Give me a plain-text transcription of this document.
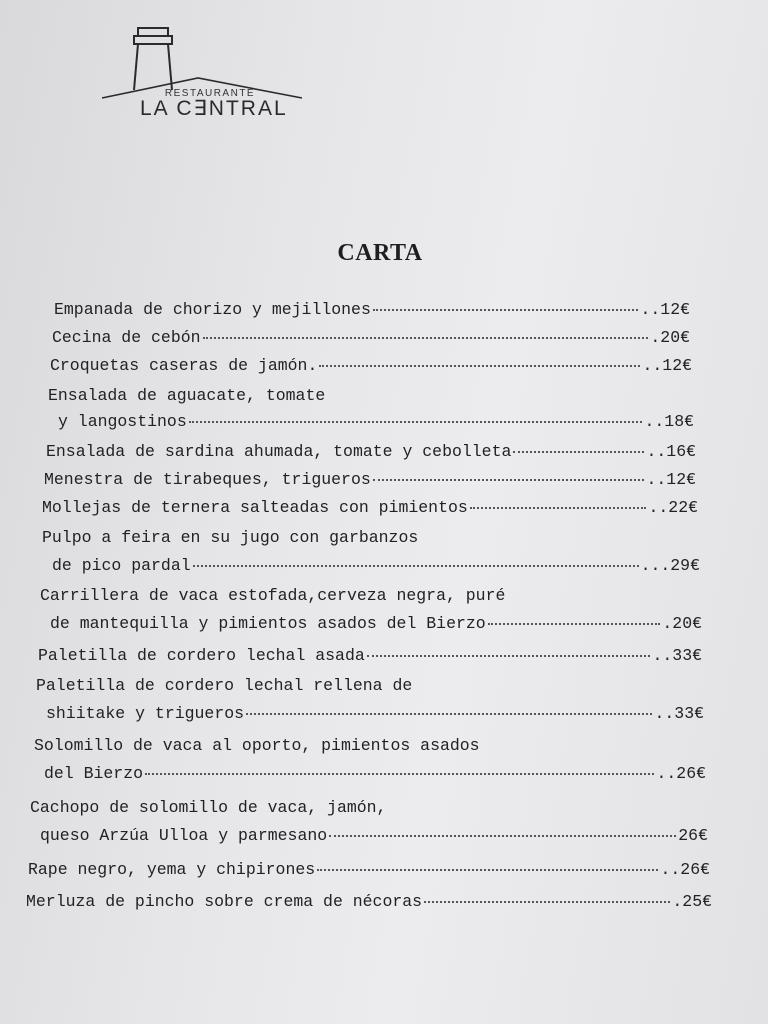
RESTAURANTE
LA C∃NTRAL
CARTA
Empanada de chorizo y mejillones	..12€
Cecina de cebón	.20€
Croquetas caseras de jamón.	..12€
Ensalada de aguacate, tomate
y langostinos	..18€
Ensalada de sardina ahumada, tomate y cebolleta	..16€
Menestra de tirabeques, trigueros	..12€
Mollejas de ternera salteadas con pimientos	..22€
Pulpo a feira en su jugo con garbanzos
de pico pardal	...29€
Carrillera de vaca estofada,cerveza negra, puré
de mantequilla y pimientos asados del Bierzo	.20€
Paletilla de cordero lechal asada	..33€
Paletilla de cordero lechal rellena de
shiitake y trigueros	..33€
Solomillo de vaca al oporto, pimientos asados
del Bierzo	..26€
Cachopo de solomillo de vaca, jamón,
queso Arzúa Ulloa y parmesano	26€
Rape negro, yema y chipirones	..26€
Merluza de pincho sobre crema de nécoras	.25€
